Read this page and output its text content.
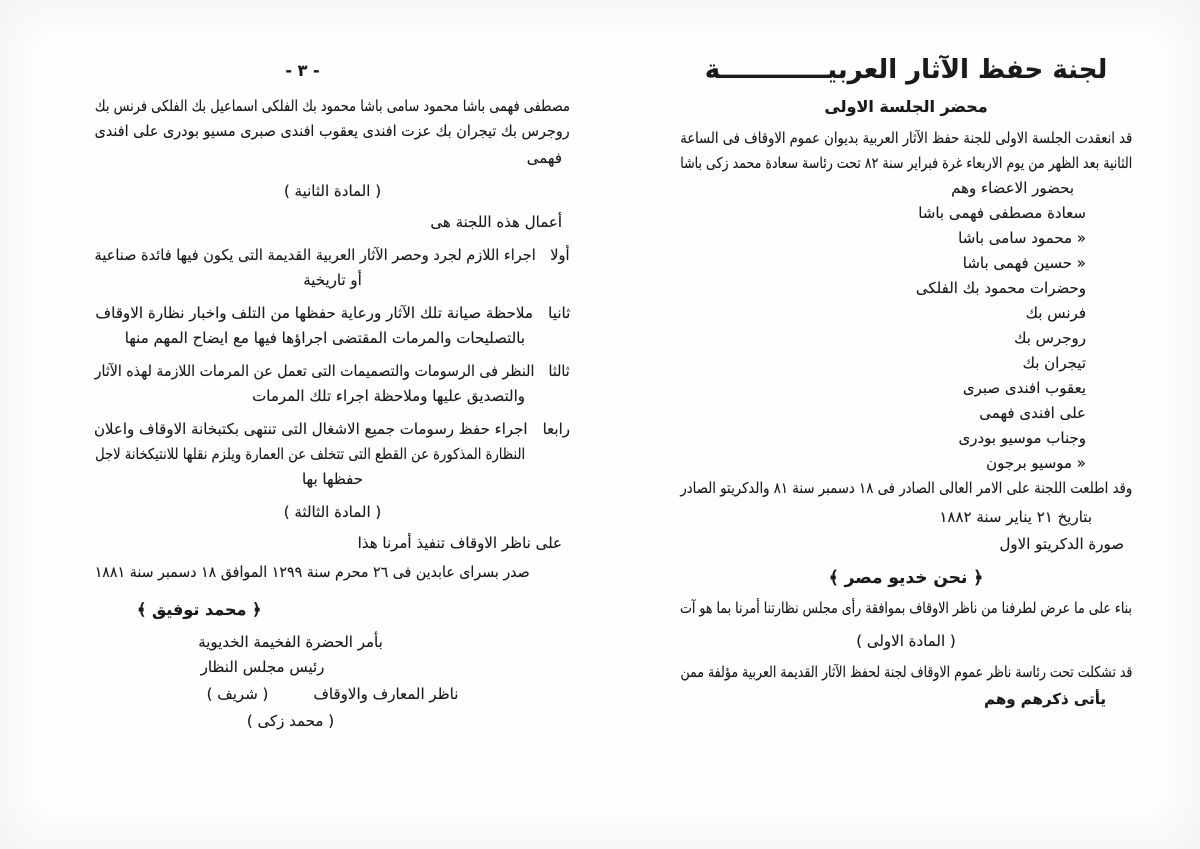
- ٣ -
مصطفى فهمى باشا محمود سامى باشا محمود بك الفلكى اسماعيل بك الفلكى فرنس بك
روجرس بك تيجران بك عزت افندى يعقوب افندى صبرى مسيو بودرى على افندى
فهمى
( المادة الثانية )
أعمال هذه اللجنة هى
أولا اجراء اللازم لجرد وحصر الآثار العربية القديمة التى يكون فيها فائدة صناعية
أو تاريخية
ثانيا ملاحظة صيانة تلك الآثار ورعاية حفظها من التلف واخبار نظارة الاوقاف
بالتصليحات والمرمات المقتضى اجراؤها فيها مع ايضاح المهم منها
ثالثا النظر فى الرسومات والتصميمات التى تعمل عن المرمات اللازمة لهذه الآثار
والتصديق عليها وملاحظة اجراء تلك المرمات
رابعا اجراء حفظ رسومات جميع الاشغال التى تنتهى بكتبخانة الاوقاف واعلان
النظارة المذكورة عن القطع التى تتخلف عن العمارة ويلزم نقلها للانتيكخانة لاجل
حفظها بها
( المادة الثالثة )
على ناظر الاوقاف تنفيذ أمرنا هذا
صدر بسراى عابدين فى ٢٦ محرم سنة ١٢٩٩ الموافق ١٨ دسمبر سنة ١٨٨١
﴿ محمد توفيق ﴾
بأمر الحضرة الفخيمة الخديوية
رئيس مجلس النظار
ناظر المعارف والاوقاف   ( شريف )
( محمد زكى )
لجنة حفظ الآثار العربيــــــــــــة
محضر الجلسة الاولى
قد انعقدت الجلسة الاولى للجنة حفظ الآثار العربية بديوان عموم الاوقاف فى الساعة
الثانية بعد الظهر من يوم الاربعاء غرة فبراير سنة ٨٢ تحت رئاسة سعادة محمد زكى باشا
بحضور الاعضاء وهم
سعادة مصطفى فهمى باشا
« محمود سامى باشا
« حسين فهمى باشا
وحضرات محمود بك الفلكى
فرنس بك
روجرس بك
تيجران بك
يعقوب افندى صبرى
على افندى فهمى
وجناب موسيو بودرى
« موسيو برجون
وقد اطلعت اللجنة على الامر العالى الصادر فى ١٨ دسمبر سنة ٨١ والدكريتو الصادر
بتاريخ ٢١ يناير سنة ١٨٨٢
صورة الدكريتو الاول
﴿ نحن خديو مصر ﴾
بناء على ما عرض لطرفنا من ناظر الاوقاف بموافقة رأى مجلس نظارتنا أمرنا بما هو آت
( المادة الاولى )
قد تشكلت تحت رئاسة ناظر عموم الاوقاف لجنة لحفظ الآثار القديمة العربية مؤلفة ممن
يأتى ذكرهم وهم
